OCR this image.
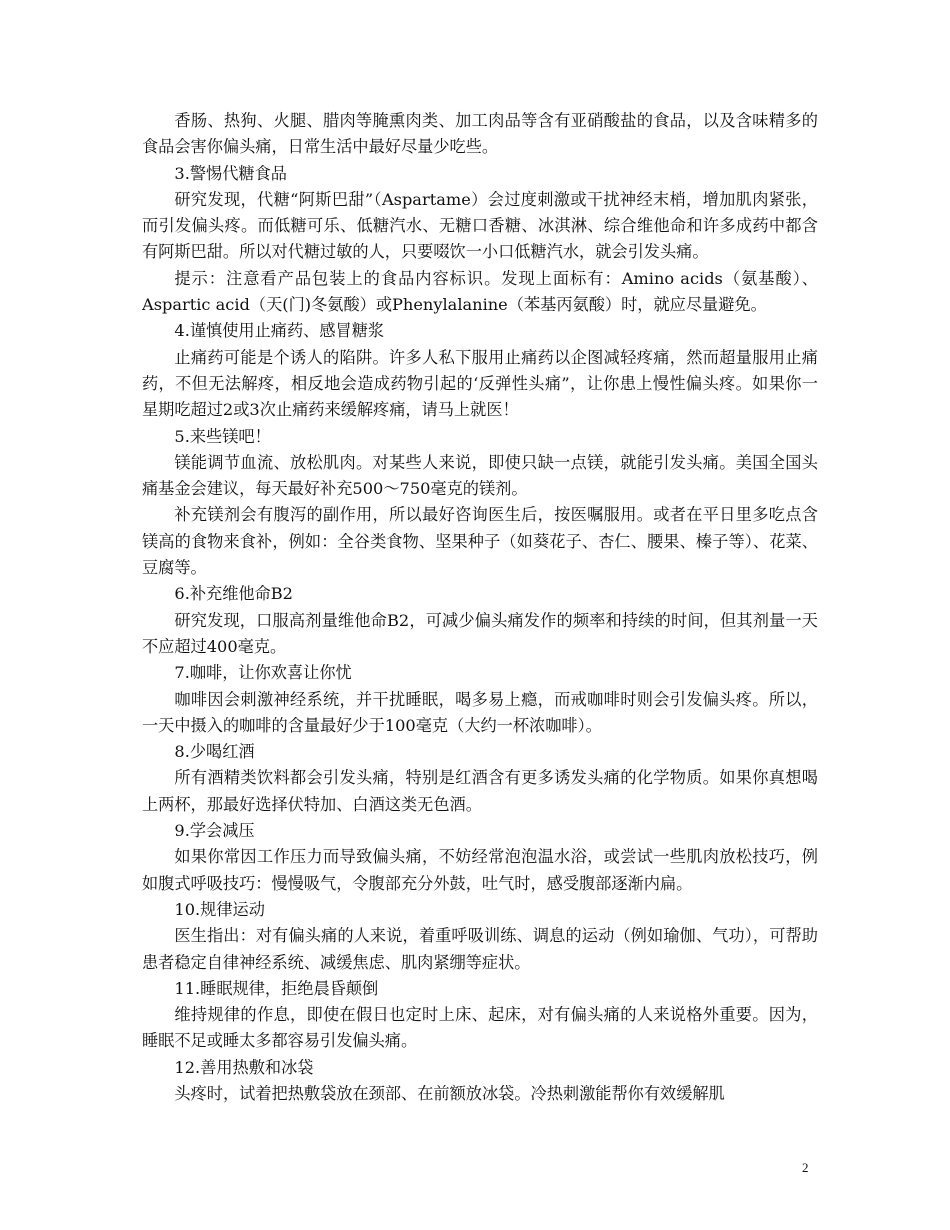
香肠、热狗、火腿、腊肉等腌熏肉类、加工肉品等含有亚硝酸盐的食品，以及含味精多的食品会害你偏头痛，日常生活中最好尽量少吃些。

3.警惕代糖食品

研究发现，代糖“阿斯巴甜”（Aspartame）会过度刺激或干扰神经末梢，增加肌肉紧张，而引发偏头疼。而低糖可乐、低糖汽水、无糖口香糖、冰淇淋、综合维他命和许多成药中都含有阿斯巴甜。所以对代糖过敏的人，只要啜饮一小口低糖汽水，就会引发头痛。

提示：注意看产品包装上的食品内容标识。发现上面标有：Amino acids（氨基酸）、Aspartic acid（天(门)冬氨酸）或Phenylalanine（苯基丙氨酸）时，就应尽量避免。

4.谨慎使用止痛药、感冒糖浆

止痛药可能是个诱人的陷阱。许多人私下服用止痛药以企图减轻疼痛，然而超量服用止痛药，不但无法解疼，相反地会造成药物引起的‘反弹性头痛”，让你患上慢性偏头疼。如果你一星期吃超过2或3次止痛药来缓解疼痛，请马上就医！

5.来些镁吧！

镁能调节血流、放松肌肉。对某些人来说，即使只缺一点镁，就能引发头痛。美国全国头痛基金会建议，每天最好补充500～750毫克的镁剂。

补充镁剂会有腹泻的副作用，所以最好咨询医生后，按医嘱服用。或者在平日里多吃点含镁高的食物来食补，例如：全谷类食物、坚果种子（如葵花子、杏仁、腰果、榛子等）、花菜、豆腐等。

6.补充维他命B2

研究发现，口服高剂量维他命B2，可减少偏头痛发作的频率和持续的时间，但其剂量一天不应超过400毫克。

7.咖啡，让你欢喜让你忧

咖啡因会刺激神经系统，并干扰睡眠，喝多易上瘾，而戒咖啡时则会引发偏头疼。所以，一天中摄入的咖啡的含量最好少于100毫克（大约一杯浓咖啡）。

8.少喝红酒

所有酒精类饮料都会引发头痛，特别是红酒含有更多诱发头痛的化学物质。如果你真想喝上两杯，那最好选择伏特加、白酒这类无色酒。

9.学会减压

如果你常因工作压力而导致偏头痛，不妨经常泡泡温水浴，或尝试一些肌肉放松技巧，例如腹式呼吸技巧：慢慢吸气，令腹部充分外鼓，吐气时，感受腹部逐渐内扁。

10.规律运动

医生指出：对有偏头痛的人来说，着重呼吸训练、调息的运动（例如瑜伽、气功），可帮助患者稳定自律神经系统、减缓焦虑、肌肉紧绷等症状。

11.睡眠规律，拒绝晨昏颠倒

维持规律的作息，即使在假日也定时上床、起床，对有偏头痛的人来说格外重要。因为，睡眠不足或睡太多都容易引发偏头痛。

12.善用热敷和冰袋

头疼时，试着把热敷袋放在颈部、在前额放冰袋。冷热刺激能帮你有效缓解肌

2
